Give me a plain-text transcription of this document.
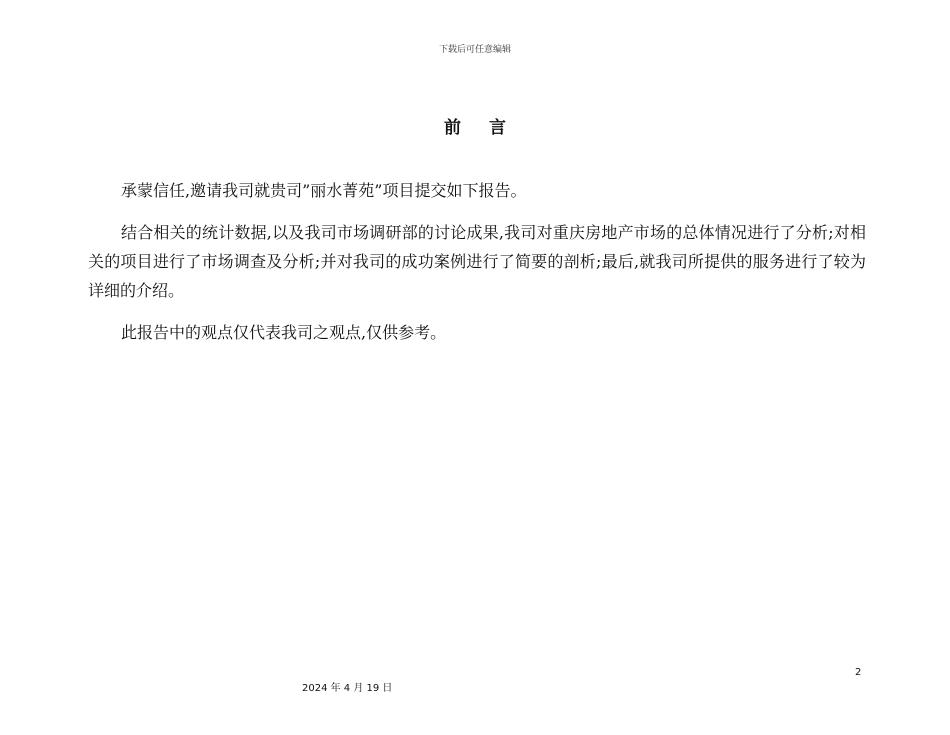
下载后可任意编辑
前言

承蒙信任,邀请我司就贵司”丽水菁苑”项目提交如下报告。

结合相关的统计数据,以及我司市场调研部的讨论成果,我司对重庆房地产市场的总体情况进行了分析;对相关的项目进行了市场调查及分析;并对我司的成功案例进行了简要的剖析;最后,就我司所提供的服务进行了较为详细的介绍。

此报告中的观点仅代表我司之观点,仅供参考。

2
2024 年 4 月 19 日
